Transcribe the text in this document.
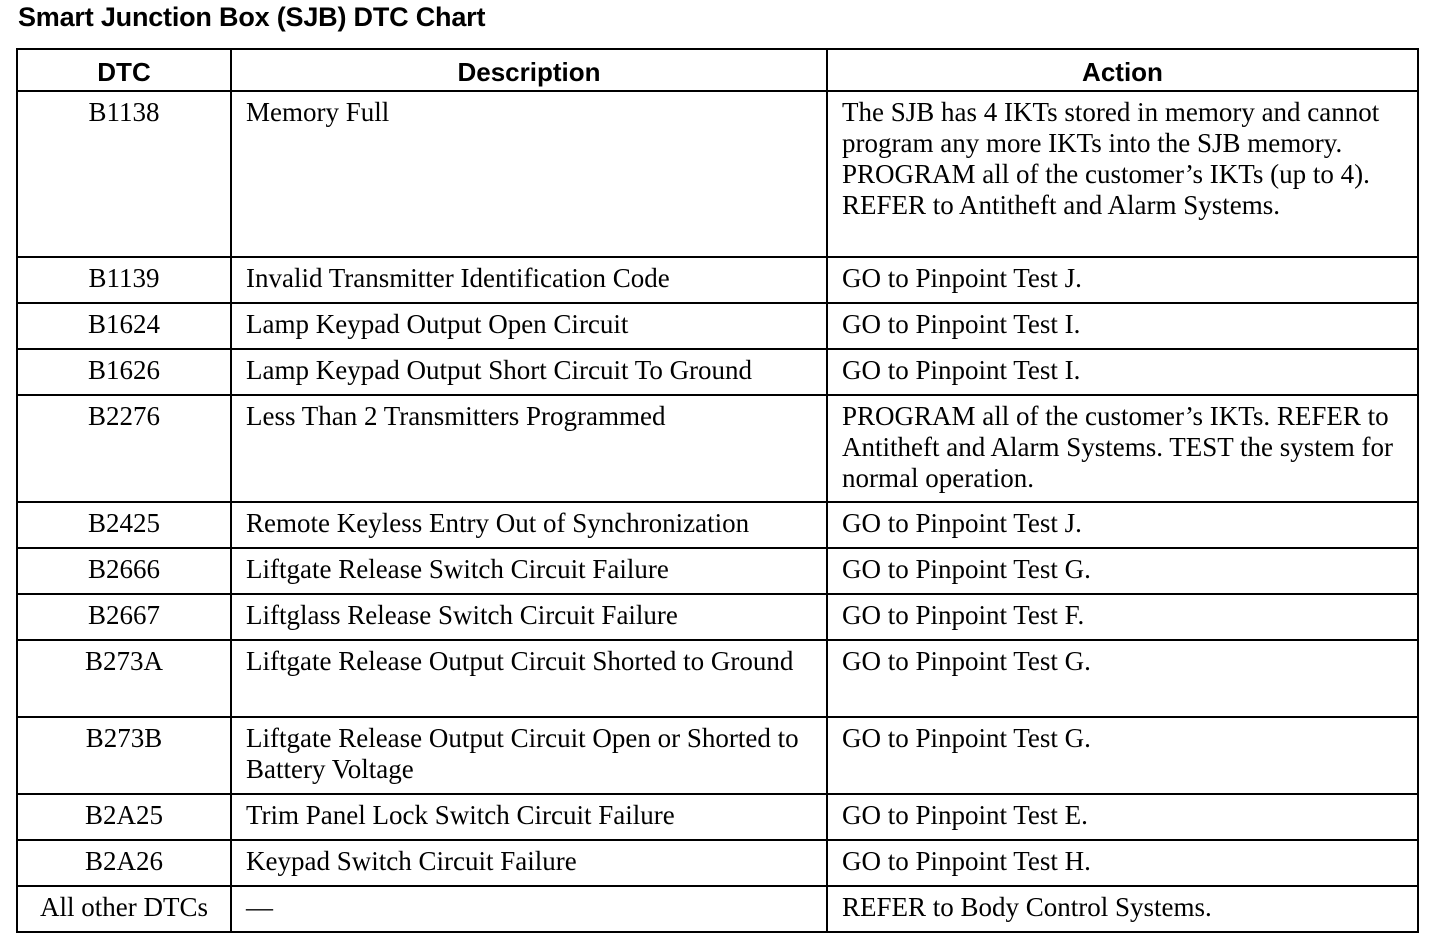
Smart Junction Box (SJB) DTC Chart
DTC	Description	Action
B1138	Memory Full	The SJB has 4 IKTs stored in memory and cannot program any more IKTs into the SJB memory. PROGRAM all of the customer’s IKTs (up to 4). REFER to Antitheft and Alarm Systems.
B1139	Invalid Transmitter Identification Code	GO to Pinpoint Test J.
B1624	Lamp Keypad Output Open Circuit	GO to Pinpoint Test I.
B1626	Lamp Keypad Output Short Circuit To Ground	GO to Pinpoint Test I.
B2276	Less Than 2 Transmitters Programmed	PROGRAM all of the customer’s IKTs. REFER to Antitheft and Alarm Systems. TEST the system for normal operation.
B2425	Remote Keyless Entry Out of Synchronization	GO to Pinpoint Test J.
B2666	Liftgate Release Switch Circuit Failure	GO to Pinpoint Test G.
B2667	Liftglass Release Switch Circuit Failure	GO to Pinpoint Test F.
B273A	Liftgate Release Output Circuit Shorted to Ground	GO to Pinpoint Test G.
B273B	Liftgate Release Output Circuit Open or Shorted to Battery Voltage	GO to Pinpoint Test G.
B2A25	Trim Panel Lock Switch Circuit Failure	GO to Pinpoint Test E.
B2A26	Keypad Switch Circuit Failure	GO to Pinpoint Test H.
All other DTCs	—	REFER to Body Control Systems.
